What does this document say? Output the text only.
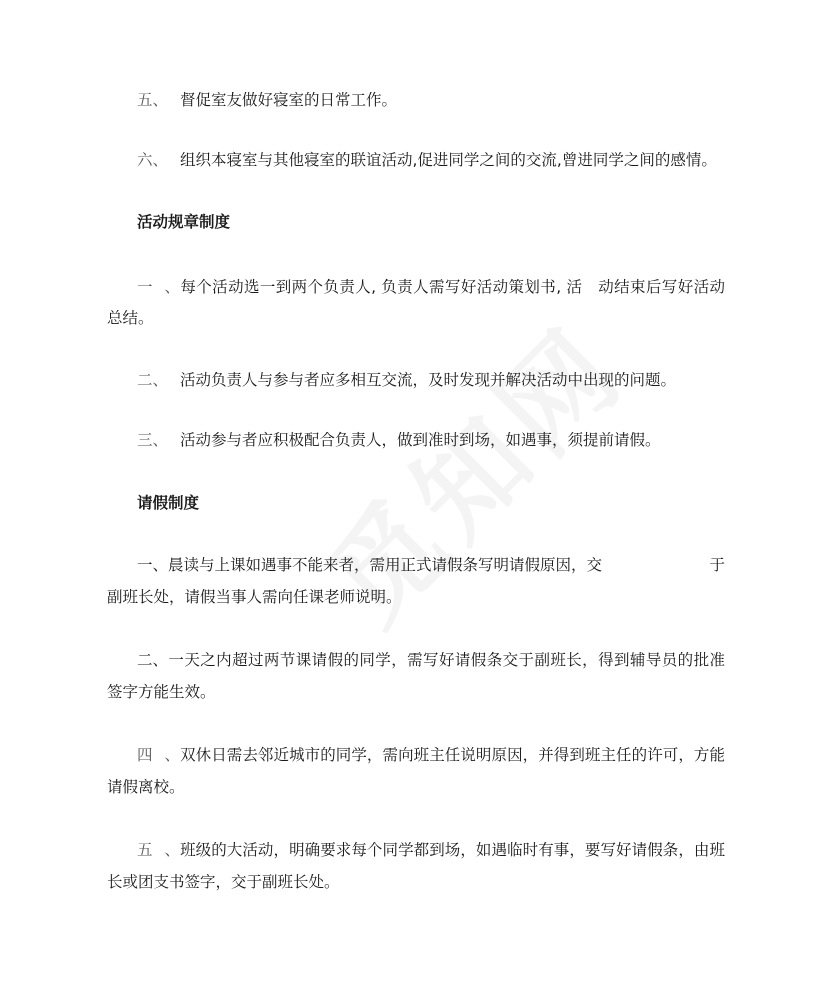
五、 督促室友做好寝室的日常工作。
六、 组织本寝室与其他寝室的联谊活动,促进同学之间的交流,曾进同学之间的感情。
活动规章制度
一、每个活动选一到两个负责人, 负责人需写好活动策划书, 活　动结束后写好活动
总结。
二、 活动负责人与参与者应多相互交流，及时发现并解决活动中出现的问题。
三、 活动参与者应积极配合负责人，做到准时到场，如遇事，须提前请假。
请假制度
一、晨读与上课如遇事不能来者，需用正式请假条写明请假原因，交	于
副班长处，请假当事人需向任课老师说明。
二、一天之内超过两节课请假的同学，需写好请假条交于副班长，得到辅导员的批准
签字方能生效。
四、双休日需去邻近城市的同学，需向班主任说明原因，并得到班主任的许可，方能
请假离校。
五、班级的大活动，明确要求每个同学都到场，如遇临时有事，要写好请假条，由班
长或团支书签字，交于副班长处。
